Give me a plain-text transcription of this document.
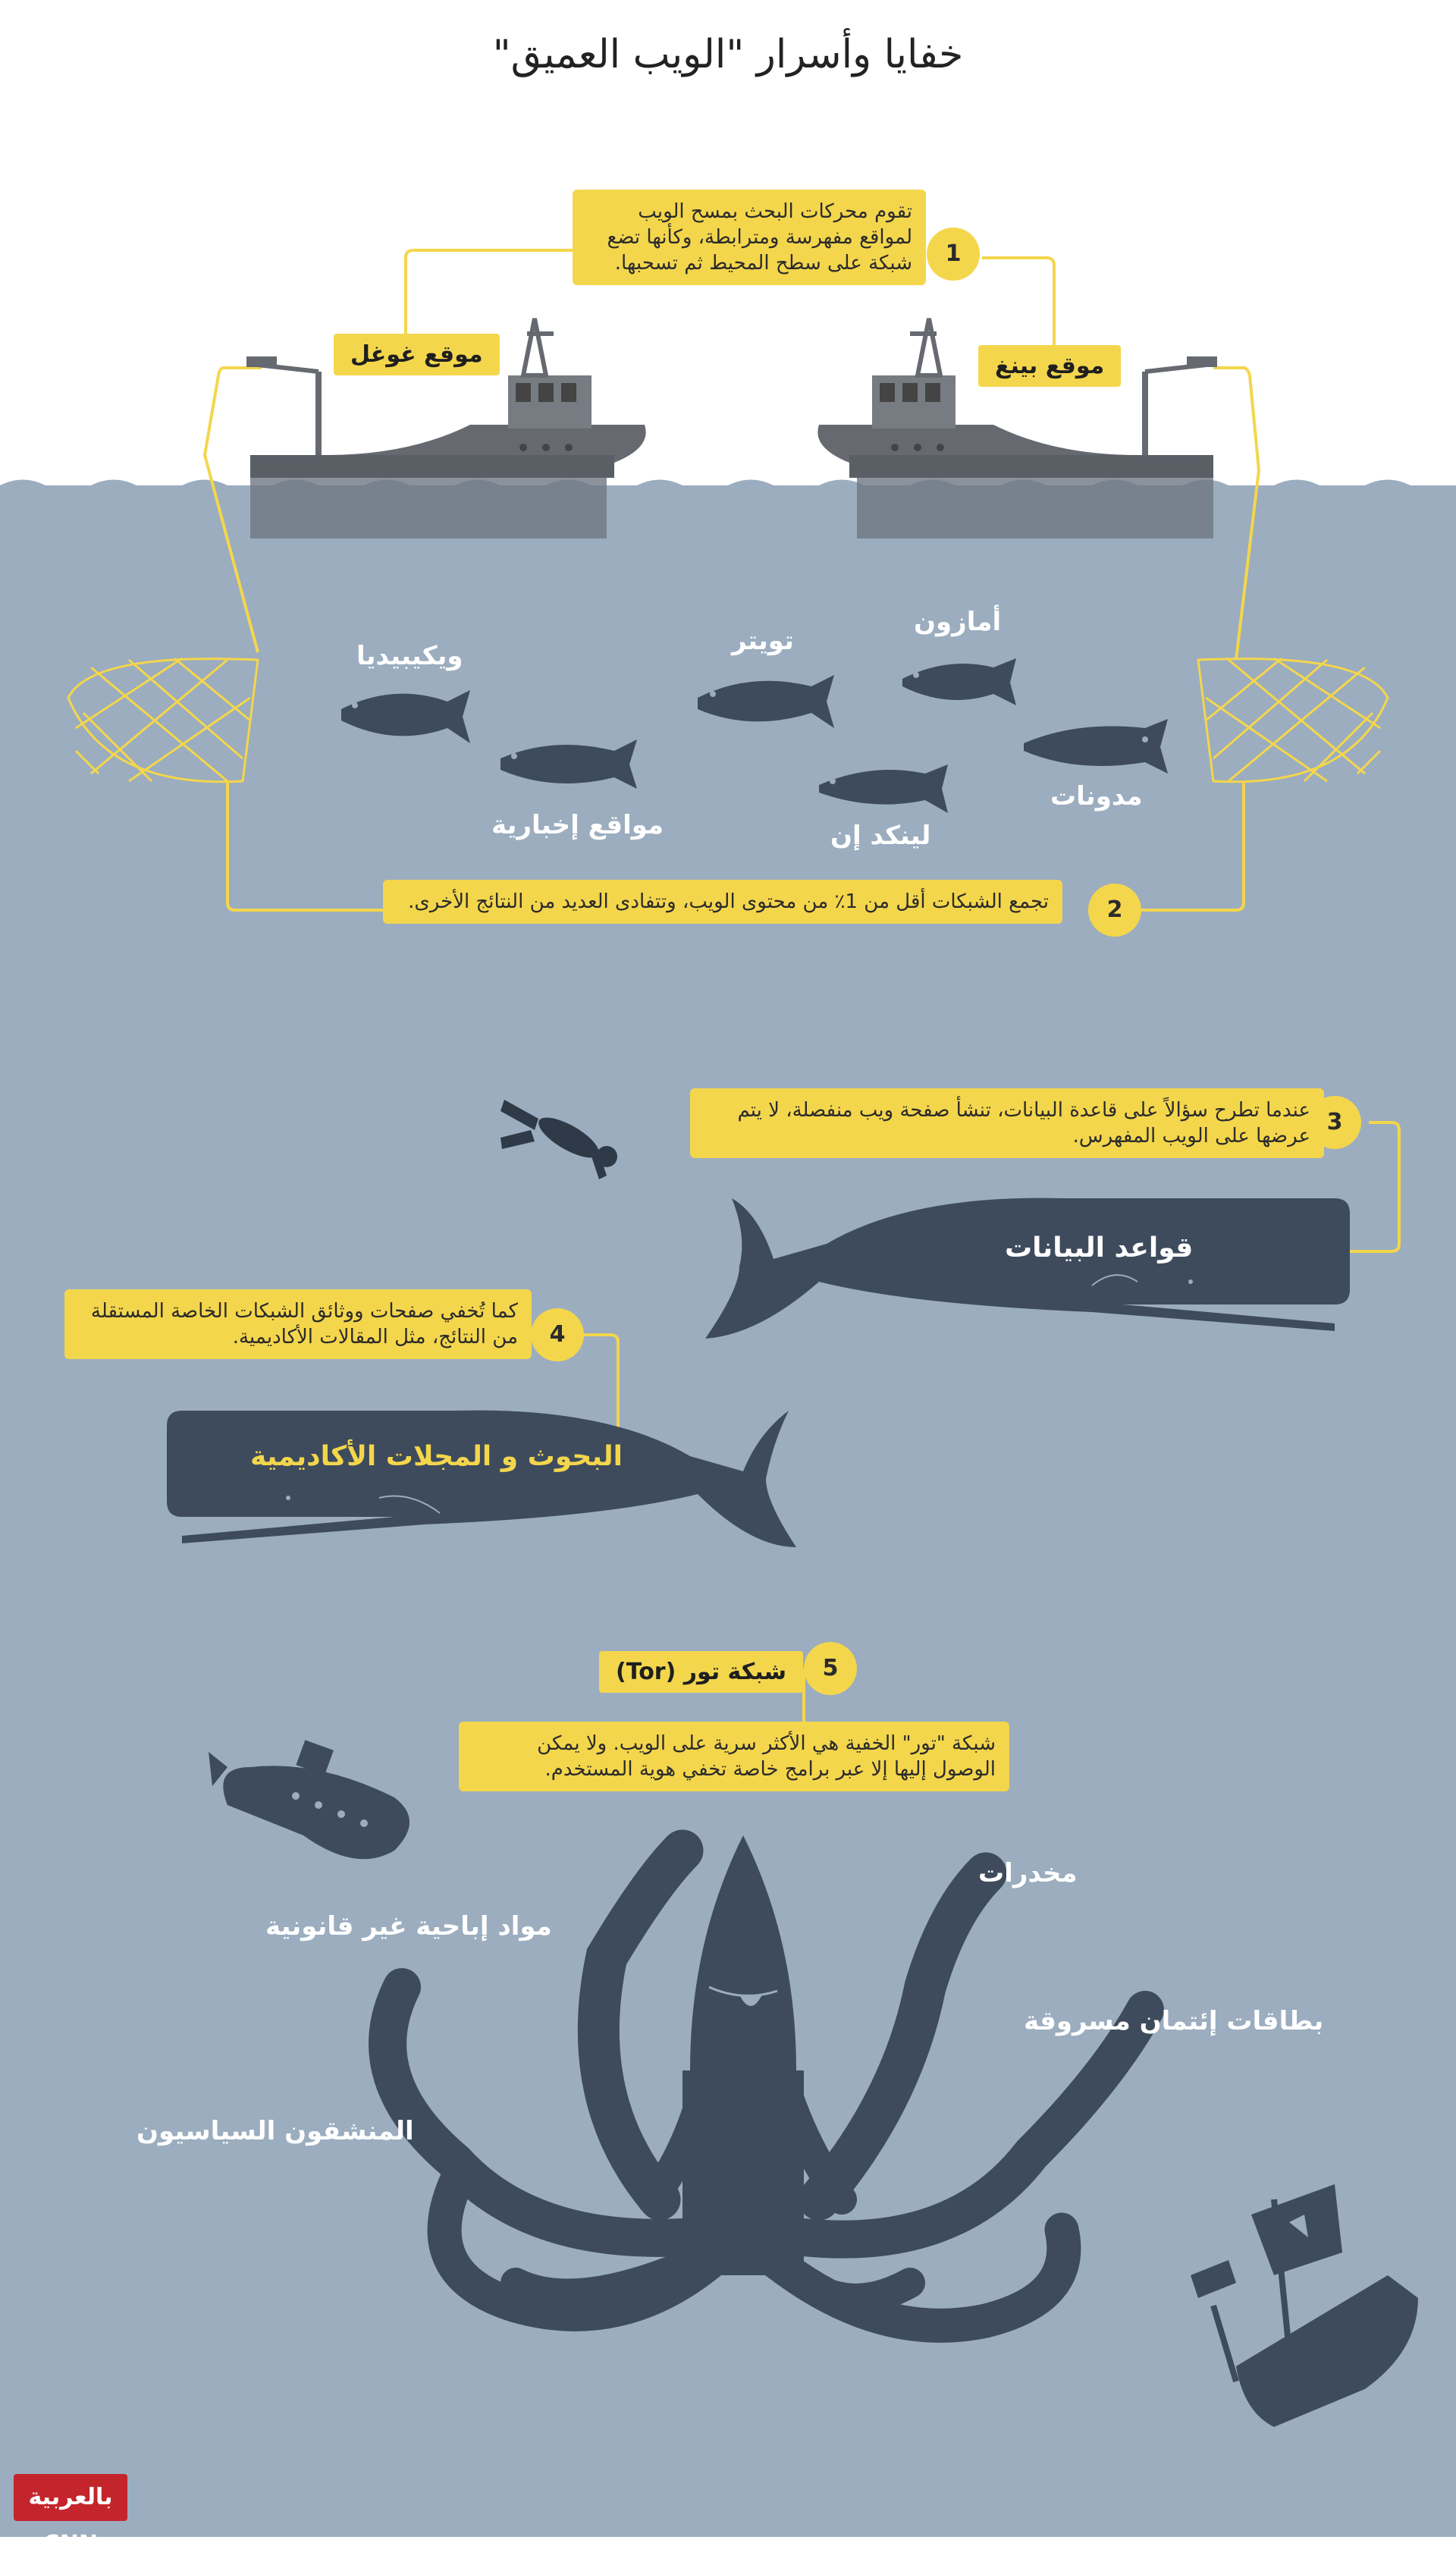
خفايا وأسرار "الويب العميق"
موقع غوغل	موقع بينغ
تقوم محركات البحث بمسح الويب لمواقع مفهرسة ومترابطة، وكأنها تضع شبكة على سطح المحيط ثم تسحبها.	1
ويكيبيديا	تويتر
أمازون
مواقع إخبارية	لينكد إن
مدونات
تجمع الشبكات أقل من 1٪ من محتوى الويب، وتتفادى العديد من النتائج الأخرى.	2
عندما تطرح سؤالاً على قاعدة البيانات، تنشأ صفحة ويب منفصلة، لا يتم عرضها على الويب المفهرس.
3
قواعد البيانات
كما تُخفي صفحات ووثائق الشبكات الخاصة المستقلة من النتائج، مثل المقالات الأكاديمية.	4
البحوث و المجلات الأكاديمية
شبكة تور (Tor)	5
شبكة "تور" الخفية هي الأكثر سرية على الويب. ولا يمكن الوصول إليها إلا عبر برامج خاصة تخفي هوية المستخدم.
مخدرات
مواد إباحية غير قانونية
بطاقات إئتمان مسروقة
المنشقون السياسيون
بالعربية CNN
